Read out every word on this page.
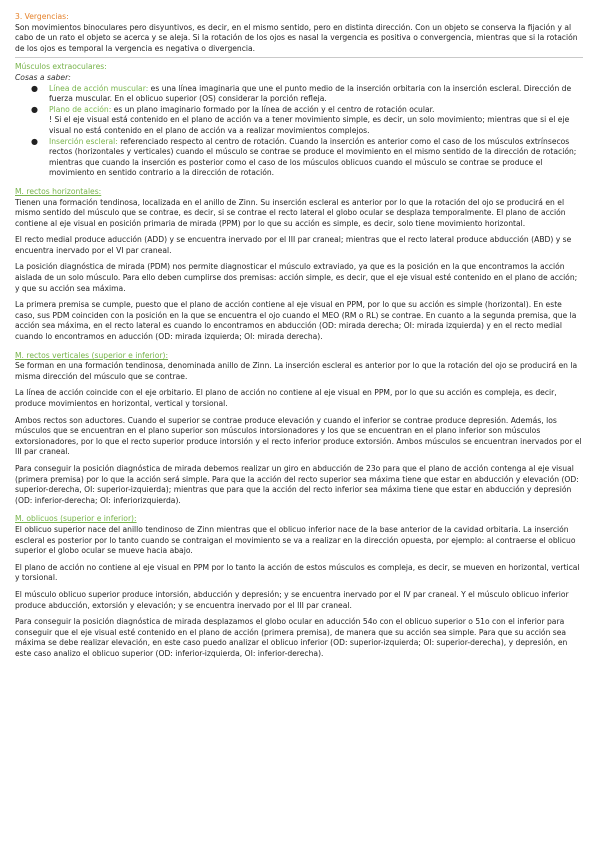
3. Vergencias:

Son movimientos binoculares pero disyuntivos, es decir, en el mismo sentido, pero en distinta dirección. Con un objeto se conserva la fijación y al cabo de un rato el objeto se acerca y se aleja. Si la rotación de los ojos es nasal la vergencia es positiva o convergencia, mientras que si la rotación de los ojos es temporal la vergencia es negativa o divergencia.

Músculos extraoculares:

Cosas a saber:

● Línea de acción muscular: es una línea imaginaria que une el punto medio de la inserción orbitaria con la inserción escleral. Dirección de fuerza muscular. En el oblicuo superior (OS) considerar la porción refleja.
● Plano de acción: es un plano imaginario formado por la línea de acción y el centro de rotación ocular.
! Si el eje visual está contenido en el plano de acción va a tener movimiento simple, es decir, un solo movimiento; mientras que si el eje visual no está contenido en el plano de acción va a realizar movimientos complejos.
● Inserción escleral: referenciado respecto al centro de rotación. Cuando la inserción es anterior como el caso de los músculos extrínsecos rectos (horizontales y verticales) cuando el músculo se contrae se produce el movimiento en el mismo sentido de la dirección de rotación; mientras que cuando la inserción es posterior como el caso de los músculos oblicuos cuando el músculo se contrae se produce el movimiento en sentido contrario a la dirección de rotación.

M. rectos horizontales:

Tienen una formación tendinosa, localizada en el anillo de Zinn. Su inserción escleral es anterior por lo que la rotación del ojo se producirá en el mismo sentido del músculo que se contrae, es decir, si se contrae el recto lateral el globo ocular se desplaza temporalmente. El plano de acción contiene al eje visual en posición primaria de mirada (PPM) por lo que su acción es simple, es decir, solo tiene movimiento horizontal.

El recto medial produce aducción (ADD) y se encuentra inervado por el III par craneal; mientras que el recto lateral produce abducción (ABD) y se encuentra inervado por el VI par craneal.

La posición diagnóstica de mirada (PDM) nos permite diagnosticar el músculo extraviado, ya que es la posición en la que encontramos la acción aislada de un solo músculo. Para ello deben cumplirse dos premisas: acción simple, es decir, que el eje visual esté contenido en el plano de acción; y que su acción sea máxima.

La primera premisa se cumple, puesto que el plano de acción contiene al eje visual en PPM, por lo que su acción es simple (horizontal). En este caso, sus PDM coinciden con la posición en la que se encuentra el ojo cuando el MEO (RM o RL) se contrae. En cuanto a la segunda premisa, que la acción sea máxima, en el recto lateral es cuando lo encontramos en abducción (OD: mirada derecha; OI: mirada izquierda) y en el recto medial cuando lo encontramos en aducción (OD: mirada izquierda; OI: mirada derecha).

M. rectos verticales (superior e inferior):

Se forman en una formación tendinosa, denominada anillo de Zinn. La inserción escleral es anterior por lo que la rotación del ojo se producirá en la misma dirección del músculo que se contrae.

La línea de acción coincide con el eje orbitario. El plano de acción no contiene al eje visual en PPM, por lo que su acción es compleja, es decir, produce movimientos en horizontal, vertical y torsional.

Ambos rectos son aductores. Cuando el superior se contrae produce elevación y cuando el inferior se contrae produce depresión. Además, los músculos que se encuentran en el plano superior son músculos intorsionadores y los que se encuentran en el plano inferior son músculos extorsionadores, por lo que el recto superior produce intorsión y el recto inferior produce extorsión. Ambos músculos se encuentran inervados por el III par craneal.

Para conseguir la posición diagnóstica de mirada debemos realizar un giro en abducción de 23o para que el plano de acción contenga al eje visual (primera premisa) por lo que la acción será simple. Para que la acción del recto superior sea máxima tiene que estar en abducción y elevación (OD: superior-derecha, OI: superior-izquierda); mientras que para que la acción del recto inferior sea máxima tiene que estar en abducción y depresión (OD: inferior-derecha; OI: inferiorizquierda).

M. oblicuos (superior e inferior):

El oblicuo superior nace del anillo tendinoso de Zinn mientras que el oblicuo inferior nace de la base anterior de la cavidad orbitaria. La inserción escleral es posterior por lo tanto cuando se contraigan el movimiento se va a realizar en la dirección opuesta, por ejemplo: al contraerse el oblicuo superior el globo ocular se mueve hacia abajo.

El plano de acción no contiene al eje visual en PPM por lo tanto la acción de estos músculos es compleja, es decir, se mueven en horizontal, vertical y torsional.

El músculo oblicuo superior produce intorsión, abducción y depresión; y se encuentra inervado por el IV par craneal. Y el músculo oblicuo inferior produce abducción, extorsión y elevación; y se encuentra inervado por el III par craneal.

Para conseguir la posición diagnóstica de mirada desplazamos el globo ocular en aducción 54o con el oblicuo superior o 51o con el inferior para conseguir que el eje visual esté contenido en el plano de acción (primera premisa), de manera que su acción sea simple. Para que su acción sea máxima se debe realizar elevación, en este caso puedo analizar el oblicuo inferior (OD: superior-izquierda; OI: superior-derecha), y depresión, en este caso analizo el oblicuo superior (OD: inferior-izquierda, OI: inferior-derecha).
